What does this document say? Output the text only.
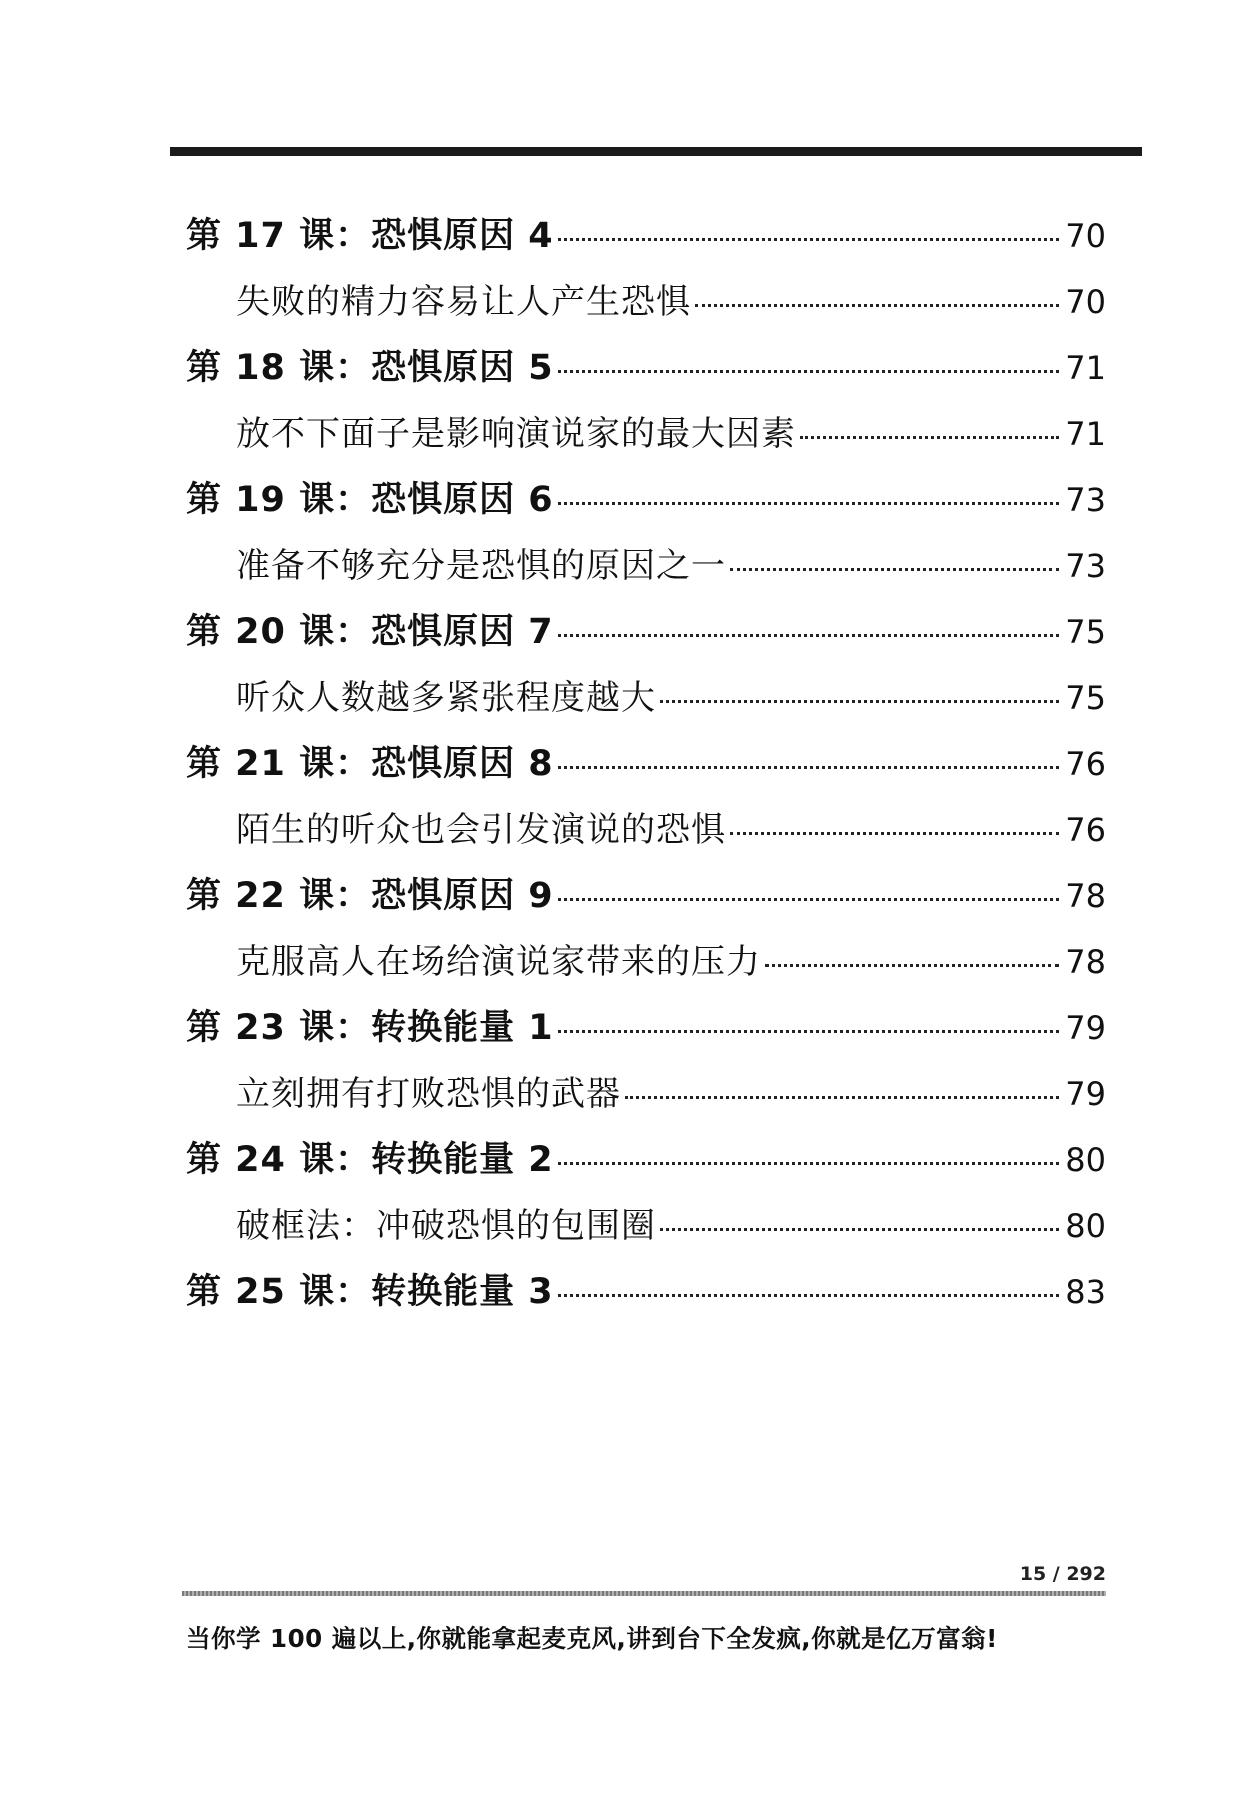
第 17 课：恐惧原因 4	70
失败的精力容易让人产生恐惧	70
第 18 课：恐惧原因 5	71
放不下面子是影响演说家的最大因素	71
第 19 课：恐惧原因 6	73
准备不够充分是恐惧的原因之一	73
第 20 课：恐惧原因 7	75
听众人数越多紧张程度越大	75
第 21 课：恐惧原因 8	76
陌生的听众也会引发演说的恐惧	76
第 22 课：恐惧原因 9	78
克服高人在场给演说家带来的压力	78
第 23 课：转换能量 1	79
立刻拥有打败恐惧的武器	79
第 24 课：转换能量 2	80
破框法：冲破恐惧的包围圈	80
第 25 课：转换能量 3	83
15 / 292
当你学 100 遍以上,你就能拿起麦克风,讲到台下全发疯,你就是亿万富翁!
